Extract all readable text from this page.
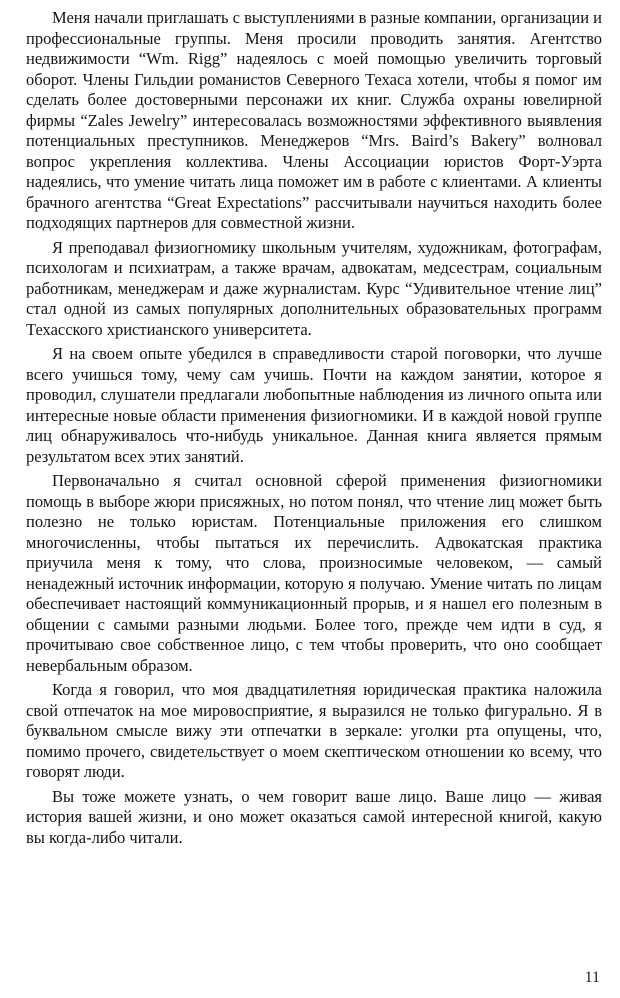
Меня начали приглашать с выступлениями в разные компании, организации и профессиональные группы. Меня просили проводить занятия. Агентство недвижимости “Wm. Rigg” надеялось с моей помощью увеличить торговый оборот. Члены Гильдии романистов Северного Техаса хотели, чтобы я помог им сделать более достоверными персонажи их книг. Служба охраны ювелирной фирмы “Zales Jewelry” интересовалась возможностями эффективного выявления потенциальных преступников. Менеджеров “Mrs. Baird’s Bakery” волновал вопрос укрепления коллектива. Члены Ассоциации юристов Форт-Уэрта надеялись, что умение читать лица поможет им в работе с клиентами. А клиенты брачного агентства “Great Expectations” рассчитывали научиться находить более подходящих партнеров для совместной жизни.

Я преподавал физиогномику школьным учителям, художникам, фотографам, психологам и психиатрам, а также врачам, адвокатам, медсестрам, социальным работникам, менеджерам и даже журналистам. Курс “Удивительное чтение лиц” стал одной из самых популярных дополнительных образовательных программ Техасского христианского университета.

Я на своем опыте убедился в справедливости старой поговорки, что лучше всего учишься тому, чему сам учишь. Почти на каждом занятии, которое я проводил, слушатели предлагали любопытные наблюдения из личного опыта или интересные новые области применения физиогномики. И в каждой новой группе лиц обнаруживалось что-нибудь уникальное. Данная книга является прямым результатом всех этих занятий.

Первоначально я считал основной сферой применения физиогномики помощь в выборе жюри присяжных, но потом понял, что чтение лиц может быть полезно не только юристам. Потенциальные приложения его слишком многочисленны, чтобы пытаться их перечислить. Адвокатская практика приучила меня к тому, что слова, произносимые человеком, — самый ненадежный источник информации, которую я получаю. Умение читать по лицам обеспечивает настоящий коммуникационный прорыв, и я нашел его полезным в общении с самыми разными людьми. Более того, прежде чем идти в суд, я прочитываю свое собственное лицо, с тем чтобы проверить, что оно сообщает невербальным образом.

Когда я говорил, что моя двадцатилетняя юридическая практика наложила свой отпечаток на мое мировосприятие, я выразился не только фигурально. Я в буквальном смысле вижу эти отпечатки в зеркале: уголки рта опущены, что, помимо прочего, свидетельствует о моем скептическом отношении ко всему, что говорят люди.

Вы тоже можете узнать, о чем говорит ваше лицо. Ваше лицо — живая история вашей жизни, и оно может оказаться самой интересной книгой, какую вы когда-либо читали.

11
